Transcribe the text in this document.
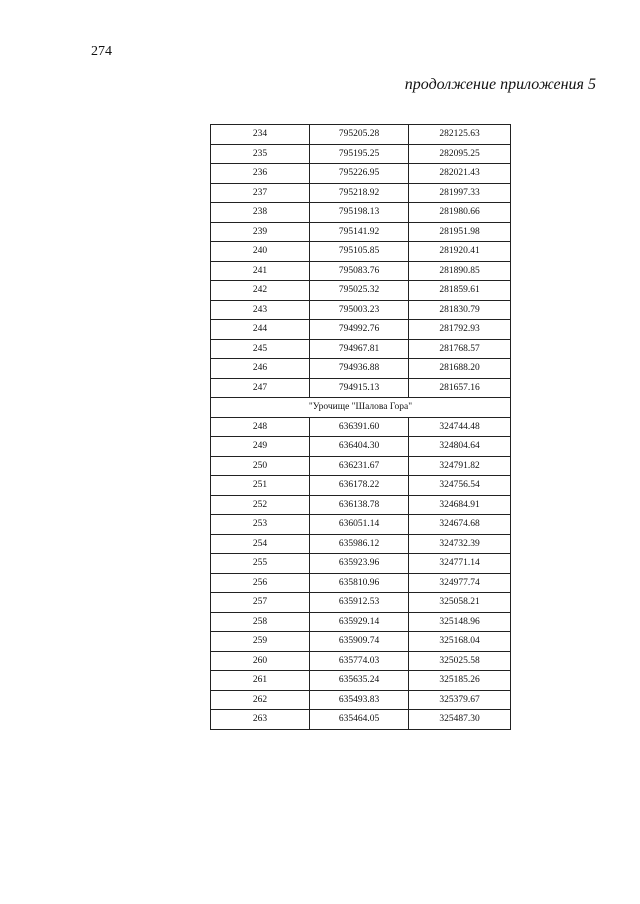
274
продолжение приложения 5
234	795205.28	282125.63
235	795195.25	282095.25
236	795226.95	282021.43
237	795218.92	281997.33
238	795198.13	281980.66
239	795141.92	281951.98
240	795105.85	281920.41
241	795083.76	281890.85
242	795025.32	281859.61
243	795003.23	281830.79
244	794992.76	281792.93
245	794967.81	281768.57
246	794936.88	281688.20
247	794915.13	281657.16
"Урочище "Шалова Гора"		
248	636391.60	324744.48
249	636404.30	324804.64
250	636231.67	324791.82
251	636178.22	324756.54
252	636138.78	324684.91
253	636051.14	324674.68
254	635986.12	324732.39
255	635923.96	324771.14
256	635810.96	324977.74
257	635912.53	325058.21
258	635929.14	325148.96
259	635909.74	325168.04
260	635774.03	325025.58
261	635635.24	325185.26
262	635493.83	325379.67
263	635464.05	325487.30
